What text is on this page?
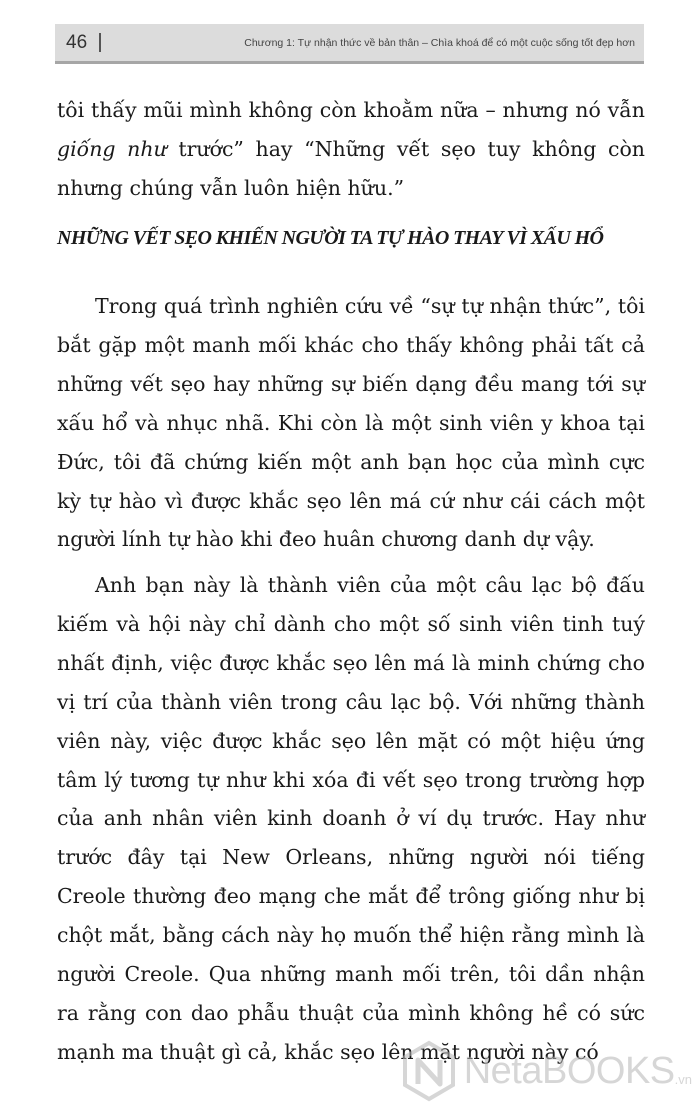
46	Chương 1: Tự nhận thức về bản thân – Chìa khoá để có một cuộc sống tốt đẹp hơn

tôi thấy mũi mình không còn khoằm nữa – nhưng nó vẫn giống như trước” hay “Những vết sẹo tuy không còn nhưng chúng vẫn luôn hiện hữu.”

NHỮNG VẾT SẸO KHIẾN NGƯỜI TA TỰ HÀO THAY VÌ XẤU HỔ

Trong quá trình nghiên cứu về “sự tự nhận thức”, tôi bắt gặp một manh mối khác cho thấy không phải tất cả những vết sẹo hay những sự biến dạng đều mang tới sự xấu hổ và nhục nhã. Khi còn là một sinh viên y khoa tại Đức, tôi đã chứng kiến một anh bạn học của mình cực kỳ tự hào vì được khắc sẹo lên má cứ như cái cách một người lính tự hào khi đeo huân chương danh dự vậy.

Anh bạn này là thành viên của một câu lạc bộ đấu kiếm và hội này chỉ dành cho một số sinh viên tinh tuý nhất định, việc được khắc sẹo lên má là minh chứng cho vị trí của thành viên trong câu lạc bộ. Với những thành viên này, việc được khắc sẹo lên mặt có một hiệu ứng tâm lý tương tự như khi xóa đi vết sẹo trong trường hợp của anh nhân viên kinh doanh ở ví dụ trước. Hay như trước đây tại New Orleans, những người nói tiếng Creole thường đeo mạng che mắt để trông giống như bị chột mắt, bằng cách này họ muốn thể hiện rằng mình là người Creole. Qua những manh mối trên, tôi dần nhận ra rằng con dao phẫu thuật của mình không hề có sức mạnh ma thuật gì cả, khắc sẹo lên mặt người này có

NetaBOOKS .vn
